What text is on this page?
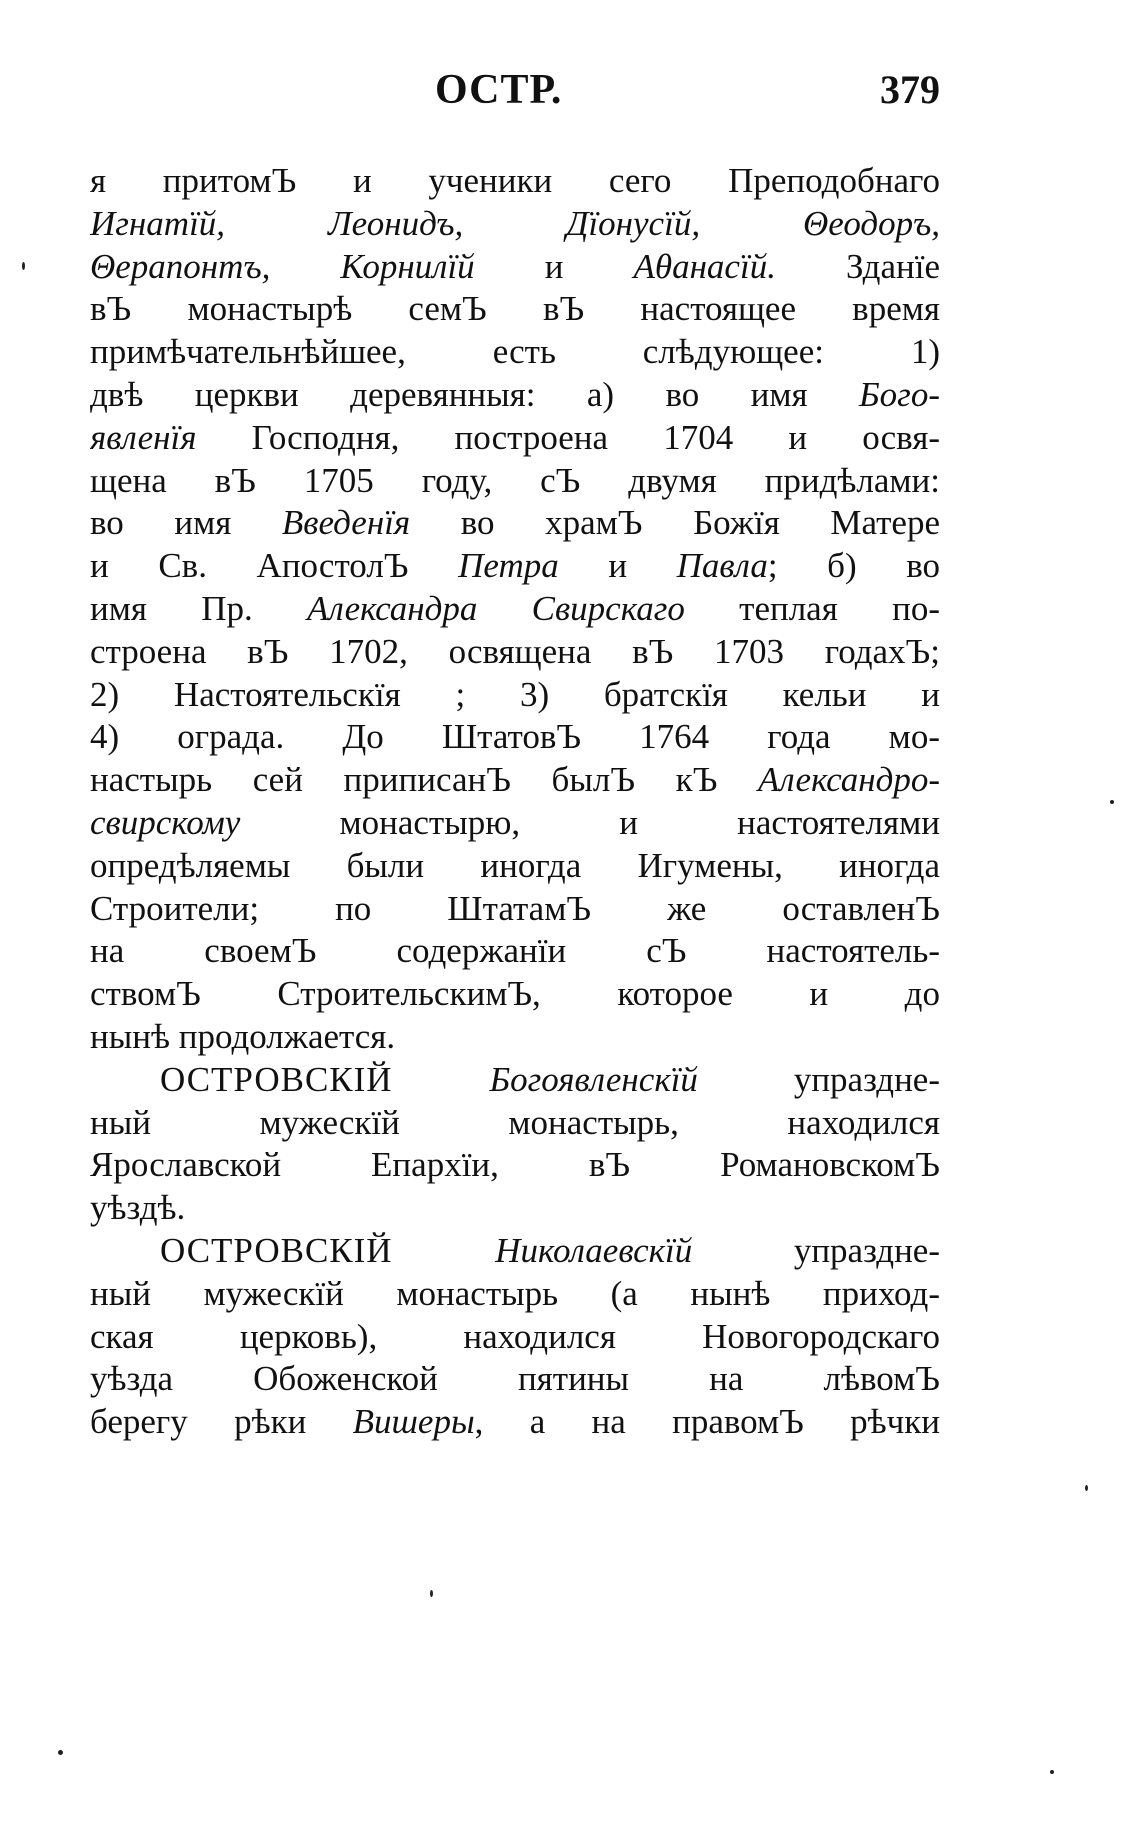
ОСТР.	379
я притомЪ и ученики сего Преподобнаго
Игнатїй, Леонидъ, Дїонусїй, Θеодоръ,
Θерапонтъ, Корнилїй и Аθанасїй. Зданїе
вЪ монастырѣ семЪ вЪ настоящее время
примѣчательнѣйшее, есть слѣдующее: 1)
двѣ церкви деревянныя: а) во имя Бого-
явленїя Господня, построена 1704 и освя-
щена вЪ 1705 году, сЪ двумя придѣлами:
во имя Введенїя во храмЪ Божїя Матере
и Св. АпостолЪ Петра и Павла; б) во
имя Пр. Александра Свирскаго теплая по-
строена вЪ 1702, освящена вЪ 1703 годахЪ;
2) Настоятельскїя ; 3) братскїя кельи и
4) ограда. До ШтатовЪ 1764 года мо-
настырь сей приписанЪ былЪ кЪ Александро-
свирскому монастырю, и настоятелями
опредѣляемы были иногда Игумены, иногда
Строители; по ШтатамЪ же оставленЪ
на своемЪ содержанїи сЪ настоятель-
ствомЪ СтроительскимЪ, которое и до
нынѣ продолжается.
ОСТРОВСКIЙ Богоявленскїй упраздне-
ный мужескїй монастырь, находился
Ярославской Епархїи, вЪ РомановскомЪ
уѣздѣ.
ОСТРОВСКIЙ Николаевскїй упраздне-
ный мужескїй монастырь (а нынѣ приход-
ская церковь), находился Новогородскаго
уѣзда Обоженской пятины на лѣвомЪ
берегу рѣки Вишеры, а на правомЪ рѣчки
